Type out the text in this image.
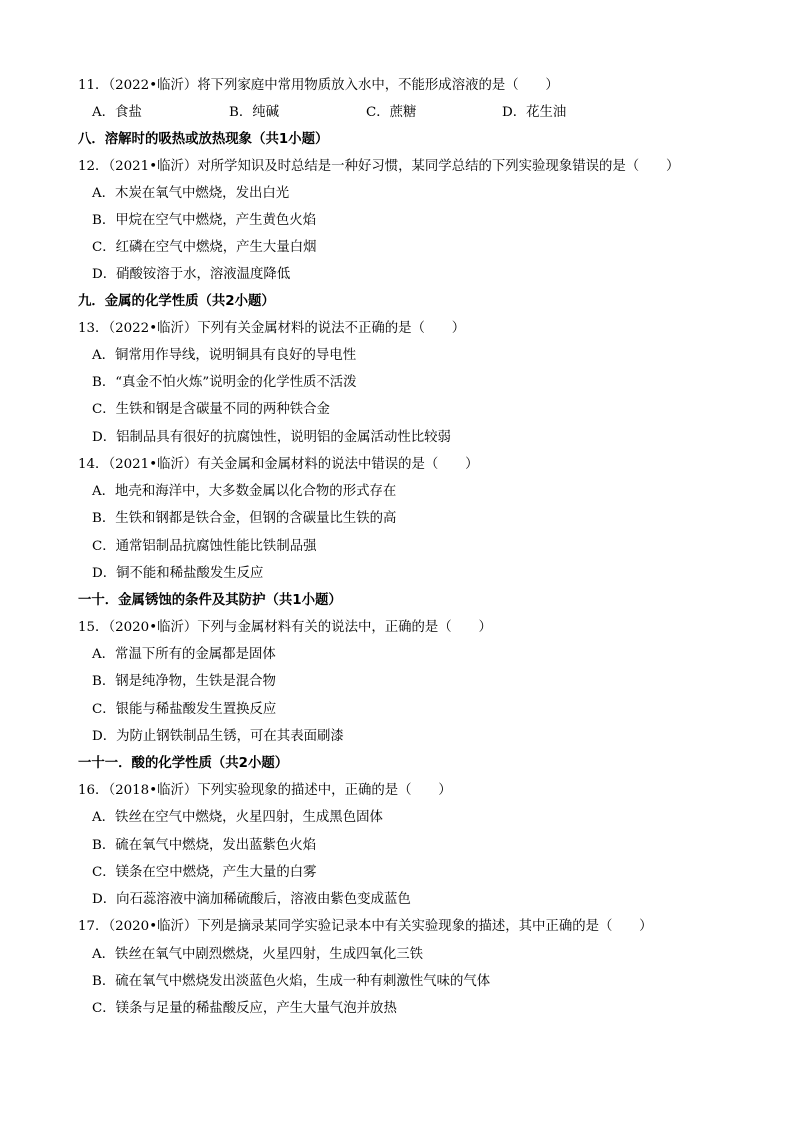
11．（2022•临沂）将下列家庭中常用物质放入水中，不能形成溶液的是（　　）
A．食盐	B．纯碱	C．蔗糖	D．花生油
八．溶解时的吸热或放热现象（共1小题）
12．（2021•临沂）对所学知识及时总结是一种好习惯，某同学总结的下列实验现象错误的是（　　）
A．木炭在氧气中燃烧，发出白光
B．甲烷在空气中燃烧，产生黄色火焰
C．红磷在空气中燃烧，产生大量白烟
D．硝酸铵溶于水，溶液温度降低
九．金属的化学性质（共2小题）
13．（2022•临沂）下列有关金属材料的说法不正确的是（　　）
A．铜常用作导线，说明铜具有良好的导电性
B．“真金不怕火炼”说明金的化学性质不活泼
C．生铁和钢是含碳量不同的两种铁合金
D．铝制品具有很好的抗腐蚀性，说明铝的金属活动性比较弱
14．（2021•临沂）有关金属和金属材料的说法中错误的是（　　）
A．地壳和海洋中，大多数金属以化合物的形式存在
B．生铁和钢都是铁合金，但钢的含碳量比生铁的高
C．通常铝制品抗腐蚀性能比铁制品强
D．铜不能和稀盐酸发生反应
一十．金属锈蚀的条件及其防护（共1小题）
15．（2020•临沂）下列与金属材料有关的说法中，正确的是（　　）
A．常温下所有的金属都是固体
B．钢是纯净物，生铁是混合物
C．银能与稀盐酸发生置换反应
D．为防止钢铁制品生锈，可在其表面刷漆
一十一．酸的化学性质（共2小题）
16．（2018•临沂）下列实验现象的描述中，正确的是（　　）
A．铁丝在空气中燃烧，火星四射，生成黑色固体
B．硫在氧气中燃烧，发出蓝紫色火焰
C．镁条在空中燃烧，产生大量的白雾
D．向石蕊溶液中滴加稀硫酸后，溶液由紫色变成蓝色
17．（2020•临沂）下列是摘录某同学实验记录本中有关实验现象的描述，其中正确的是（　　）
A．铁丝在氧气中剧烈燃烧，火星四射，生成四氧化三铁
B．硫在氧气中燃烧发出淡蓝色火焰，生成一种有刺激性气味的气体
C．镁条与足量的稀盐酸反应，产生大量气泡并放热
